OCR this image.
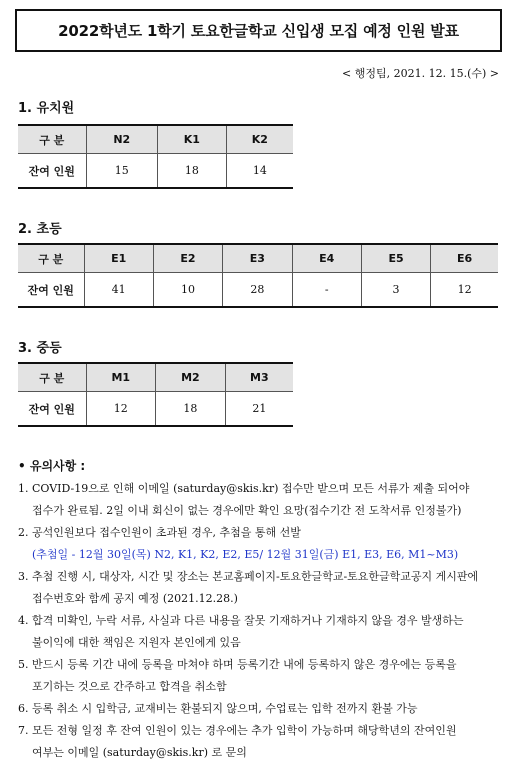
2022학년도 1학기 토요한글학교 신입생 모집 예정 인원 발표
< 행정팀, 2021. 12. 15.(수) >
1. 유치원
구 분	N2	K1	K2
잔여 인원	15	18	14
2. 초등
구 분	E1	E2	E3	E4	E5	E6
잔여 인원	41	10	28	-	3	12
3. 중등
구 분	M1	M2	M3
잔여 인원	12	18	21
• 유의사항 :
1. COVID-19으로 인해 이메일 (saturday@skis.kr) 접수만 받으며 모든 서류가 제출 되어야
접수가 완료됨. 2일 이내 회신이 없는 경우에만 확인 요망(접수기간 전 도착서류 인정불가)
2. 공석인원보다 접수인원이 초과된 경우, 추첨을 통해 선발
(추첨일 - 12월 30일(목) N2, K1, K2, E2, E5/ 12월 31일(금) E1, E3, E6, M1~M3)
3. 추첨 진행 시, 대상자, 시간 및 장소는 본교홈페이지-토요한글학교-토요한글학교공지 게시판에
접수번호와 함께 공지 예정 (2021.12.28.)
4. 합격 미확인, 누락 서류, 사실과 다른 내용을 잘못 기재하거나 기재하지 않을 경우 발생하는
불이익에 대한 책임은 지원자 본인에게 있음
5. 반드시 등록 기간 내에 등록을 마쳐야 하며 등록기간 내에 등록하지 않은 경우에는 등록을
포기하는 것으로 간주하고 합격을 취소함
6. 등록 취소 시 입학금, 교재비는 환불되지 않으며, 수업료는 입학 전까지 환불 가능
7. 모든 전형 일정 후 잔여 인원이 있는 경우에는 추가 입학이 가능하며 해당학년의 잔여인원
여부는 이메일 (saturday@skis.kr) 로 문의
